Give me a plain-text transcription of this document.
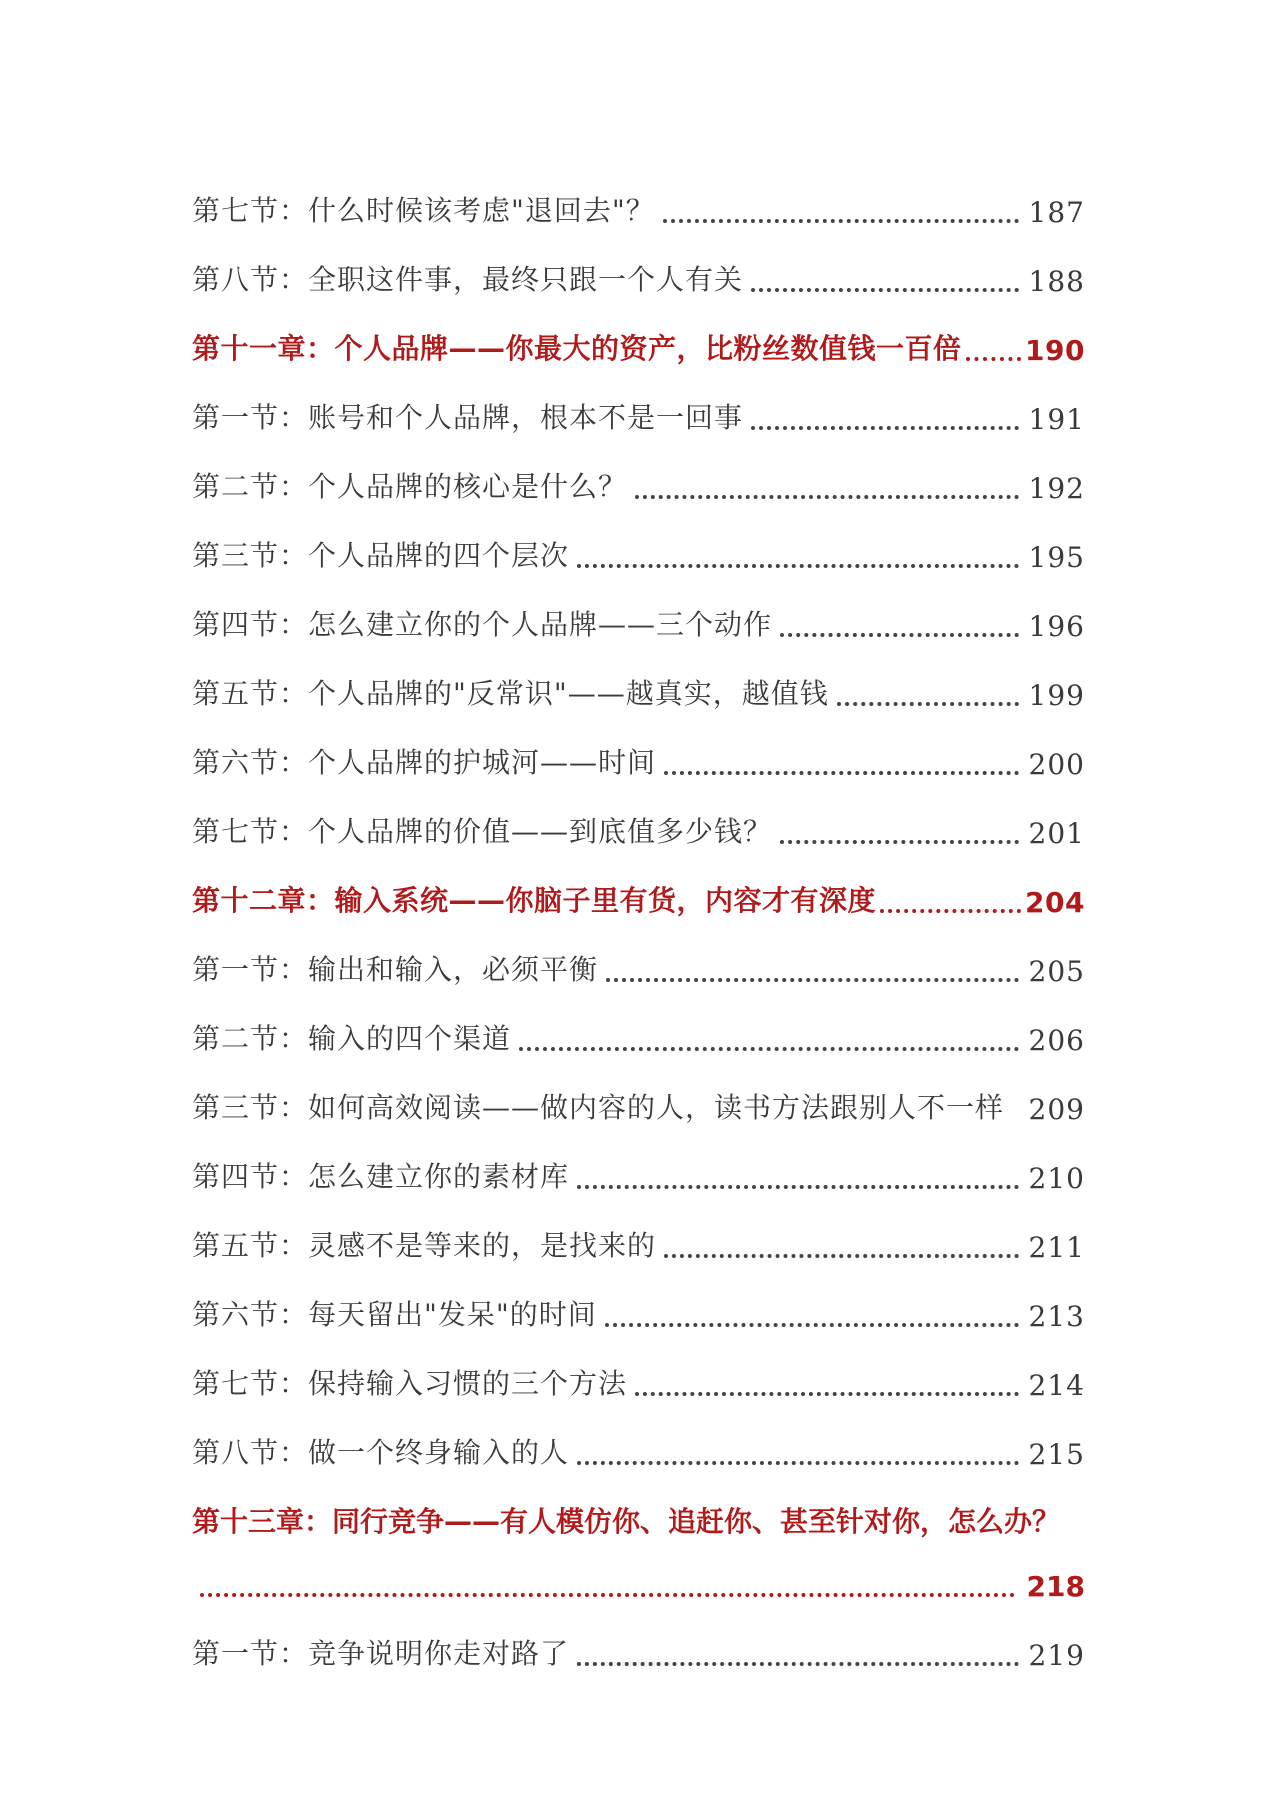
第七节：什么时候该考虑"退回去"？	187
第八节：全职这件事，最终只跟一个人有关	188
第十一章：个人品牌——你最大的资产，比粉丝数值钱一百倍 190
第一节：账号和个人品牌，根本不是一回事	191
第二节：个人品牌的核心是什么？	192
第三节：个人品牌的四个层次	195
第四节：怎么建立你的个人品牌——三个动作	196
第五节：个人品牌的"反常识"——越真实，越值钱	199
第六节：个人品牌的护城河——时间	200
第七节：个人品牌的价值——到底值多少钱？	201
第十二章：输入系统——你脑子里有货，内容才有深度	204
第一节：输出和输入，必须平衡	205
第二节：输入的四个渠道	206
第三节：如何高效阅读——做内容的人，读书方法跟别人不一样 209
第四节：怎么建立你的素材库	210
第五节：灵感不是等来的，是找来的	211
第六节：每天留出"发呆"的时间	213
第七节：保持输入习惯的三个方法	214
第八节：做一个终身输入的人	215
第十三章：同行竞争——有人模仿你、追赶你、甚至针对你，怎么办？
218
第一节：竞争说明你走对路了	219
